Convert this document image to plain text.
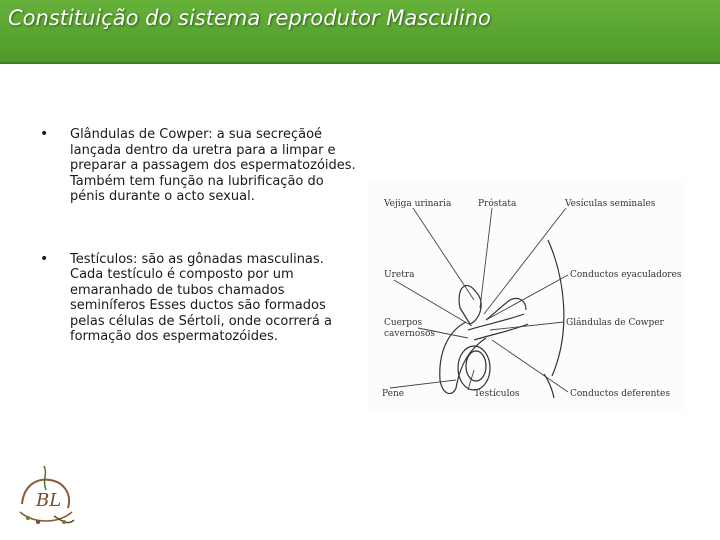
Constituição do sistema reprodutor Masculino
•	Glândulas de Cowper: a sua secreçãoé lançada dentro da uretra para a limpar e preparar a passagem dos espermatozóides. Também tem função na lubrificação do pénis durante o acto sexual.
•	Testículos: são as gônadas masculinas. Cada testículo é composto por um emaranhado de tubos chamados seminíferos Esses ductos são formados pelas células de Sértoli, onde ocorrerá a formação dos espermatozóides.
Vejiga urinaria	Próstata	Vesículas seminales
Uretra	Conductos eyaculadores
Cuerpos
cavernosos
Glándulas de Cowper
Pene	Testículos	Conductos deferentes
BL
